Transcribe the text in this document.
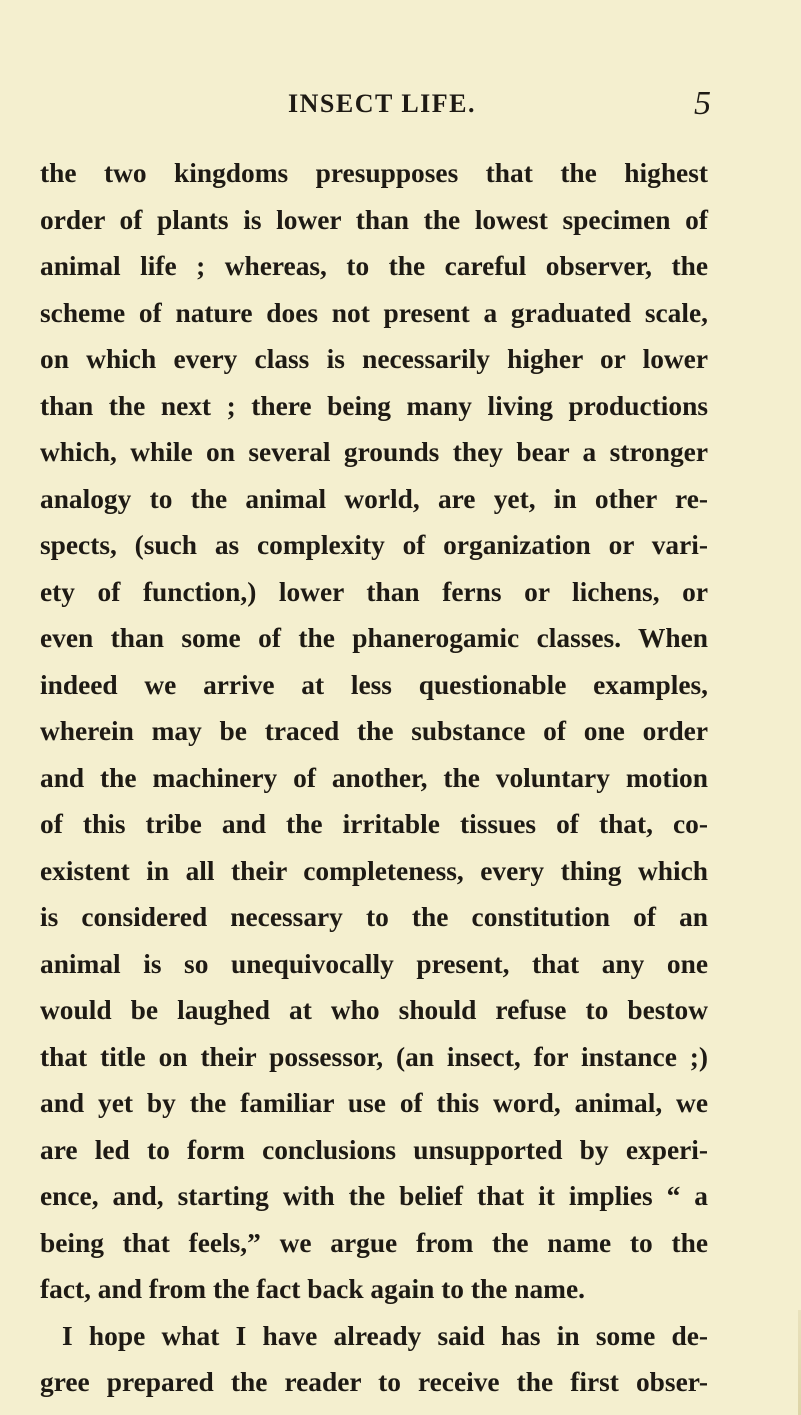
INSECT LIFE.	5
the two kingdoms presupposes that the highest
order of plants is lower than the lowest specimen of
animal life ; whereas, to the careful observer, the
scheme of nature does not present a graduated scale,
on which every class is necessarily higher or lower
than the next ; there being many living productions
which, while on several grounds they bear a stronger
analogy to the animal world, are yet, in other re-
spects, (such as complexity of organization or vari-
ety of function,) lower than ferns or lichens, or
even than some of the phanerogamic classes. When
indeed we arrive at less questionable examples,
wherein may be traced the substance of one order
and the machinery of another, the voluntary motion
of this tribe and the irritable tissues of that, co-
existent in all their completeness, every thing which
is considered necessary to the constitution of an
animal is so unequivocally present, that any one
would be laughed at who should refuse to bestow
that title on their possessor, (an insect, for instance ;)
and yet by the familiar use of this word, animal, we
are led to form conclusions unsupported by experi-
ence, and, starting with the belief that it implies “ a
being that feels,” we argue from the name to the
fact, and from the fact back again to the name.
I hope what I have already said has in some de-
gree prepared the reader to receive the first obser-
